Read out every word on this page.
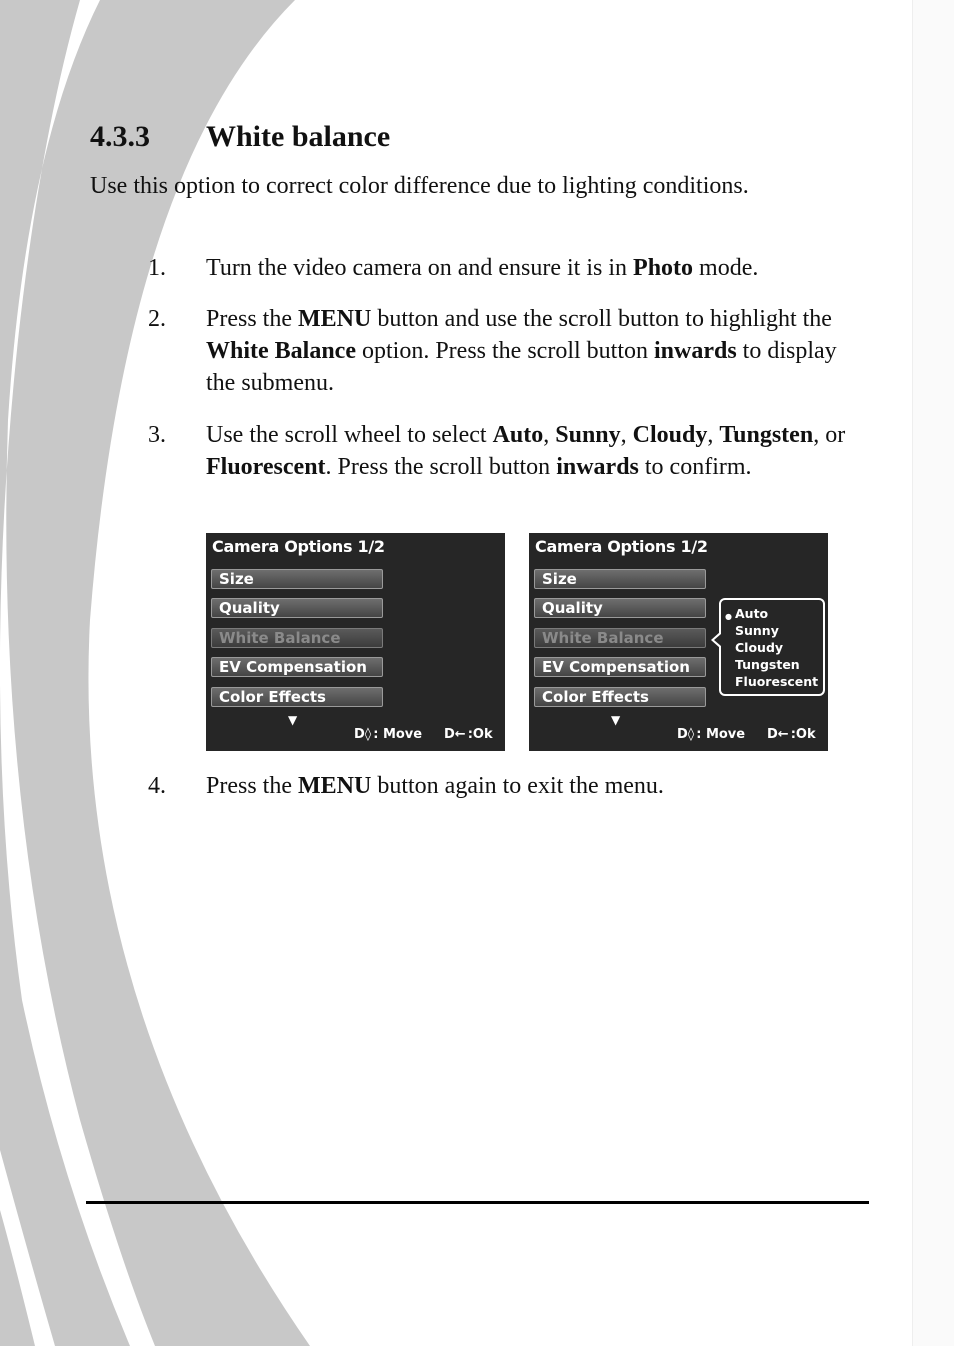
4.3.3 White balance
Use this option to correct color difference due to lighting conditions.
1. Turn the video camera on and ensure it is in Photo mode.
2. Press the MENU button and use the scroll button to highlight the White Balance option. Press the scroll button inwards to display the submenu.
3. Use the scroll wheel to select Auto, Sunny, Cloudy, Tungsten, or Fluorescent. Press the scroll button inwards to confirm.
Camera Options 1/2
Size
Quality
White Balance
EV Compensation
Color Effects
▼
D◊ : Move D← :Ok
Camera Options 1/2
Size
Quality
White Balance
EV Compensation
Color Effects
▼
D◊ : Move D← :Ok
● Auto
Sunny
Cloudy
Tungsten
Fluorescent
4. Press the MENU button again to exit the menu.
